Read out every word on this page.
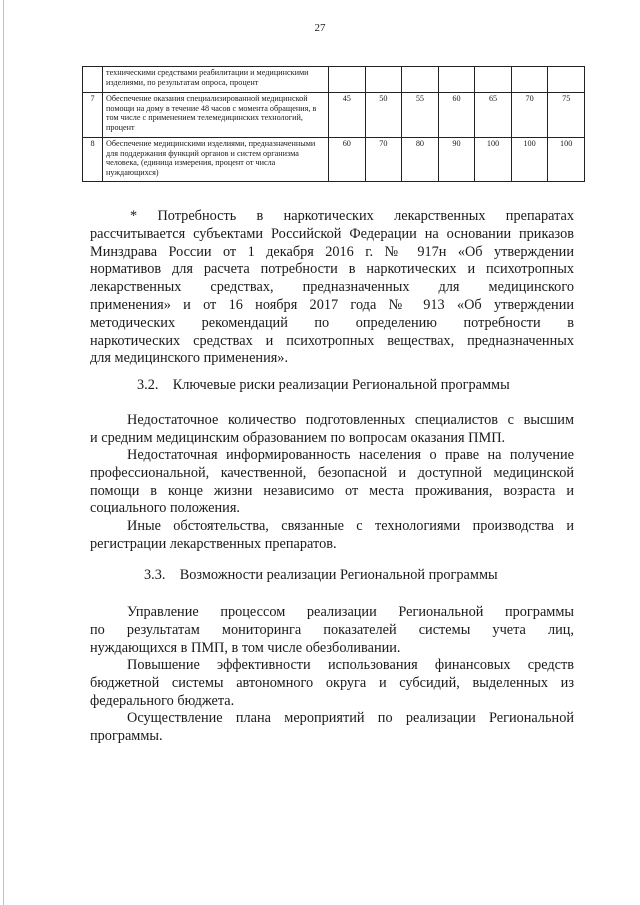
27
	техническими средствами реабилитации и медицинскими изделиями, по результатам опроса, процент							
7	Обеспечение оказания специализированной медицинской помощи на дому в течение 48 часов с момента обращения, в том числе с применением телемедицинских технологий, процент	45	50	55	60	65	70	75
8	Обеспечение медицинскими изделиями, предназначенными для поддержания функций органов и систем организма человека, (единица измерения, процент от числа нуждающихся)	60	70	80	90	100	100	100
* Потребность в наркотических лекарственных препаратах
рассчитывается субъектами Российской Федерации на основании приказов
Минздрава России от 1 декабря 2016 г. № 917н «Об утверждении
нормативов для расчета потребности в наркотических и психотропных
лекарственных средствах, предназначенных для медицинского
применения» и от 16 ноября 2017 года № 913 «Об утверждении
методических рекомендаций по определению потребности в
наркотических средствах и психотропных веществах, предназначенных
для медицинского применения».
3.2. Ключевые риски реализации Региональной программы
Недостаточное количество подготовленных специалистов с высшим
и средним медицинским образованием по вопросам оказания ПМП.
Недостаточная информированность населения о праве на получение
профессиональной, качественной, безопасной и доступной медицинской
помощи в конце жизни независимо от места проживания, возраста и
социального положения.
Иные обстоятельства, связанные с технологиями производства и
регистрации лекарственных препаратов.
3.3. Возможности реализации Региональной программы
Управление процессом реализации Региональной программы
по результатам мониторинга показателей системы учета лиц,
нуждающихся в ПМП, в том числе обезболивании.
Повышение эффективности использования финансовых средств
бюджетной системы автономного округа и субсидий, выделенных из
федерального бюджета.
Осуществление плана мероприятий по реализации Региональной
программы.
